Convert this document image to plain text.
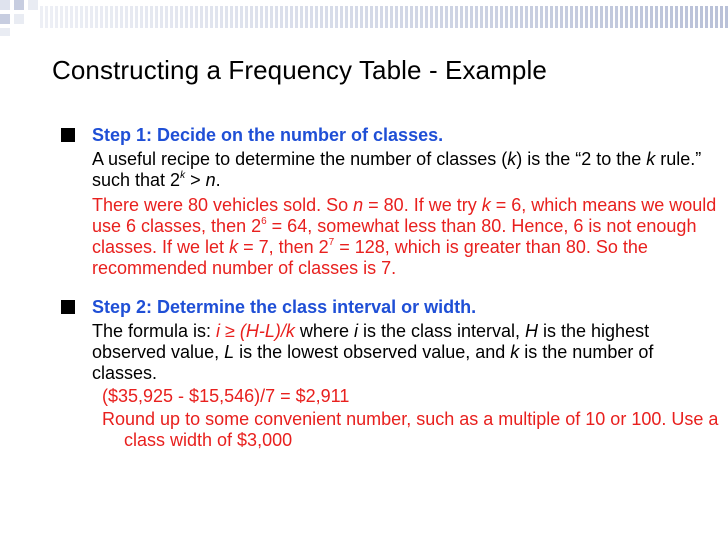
Constructing a Frequency Table - Example
Step 1: Decide on the number of classes.
A useful recipe to determine the number of classes (k) is the “2 to the k rule.” such that $2^k > n$.
There were 80 vehicles sold. So n = 80. If we try k = 6, which means we would use 6 classes, then $2^6 = 64$, somewhat less than 80. Hence, 6 is not enough classes. If we let k = 7, then $2^7 = 128$, which is greater than 80. So the recommended number of classes is 7.
Step 2: Determine the class interval or width.
The formula is: i ≥ (H-L)/k where i is the class interval, H is the highest observed value, L is the lowest observed value, and k is the number of classes.
($35,925 - $15,546)/7 = $2,911
Round up to some convenient number, such as a multiple of 10 or 100. Use a class width of $3,000
